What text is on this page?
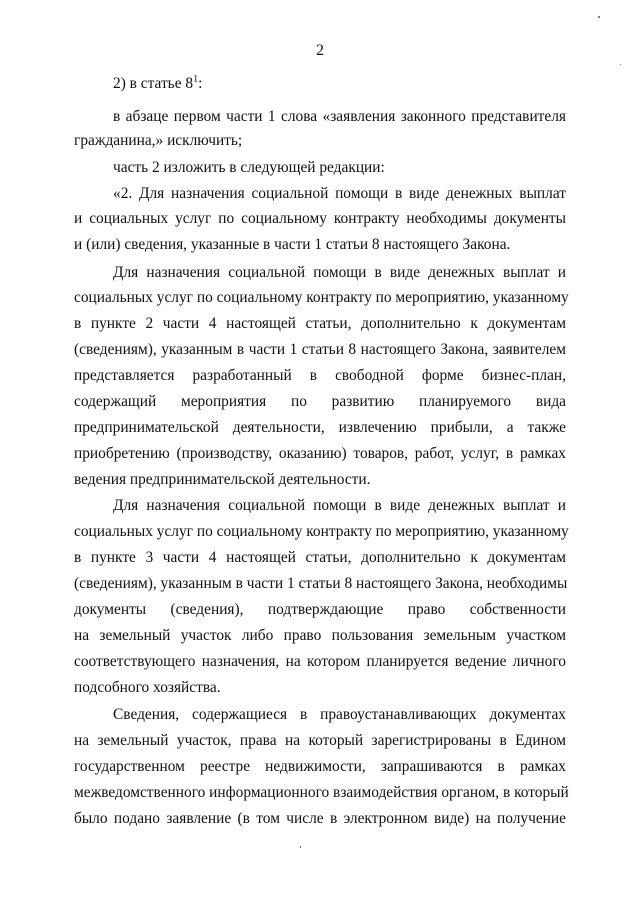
2
2) в статье $8^1$:
в абзаце первом части 1 слова «заявления законного представителя
гражданина,» исключить;
часть 2 изложить в следующей редакции:
«2. Для назначения социальной помощи в виде денежных выплат
и социальных услуг по социальному контракту необходимы документы
и (или) сведения, указанные в части 1 статьи 8 настоящего Закона.
Для назначения социальной помощи в виде денежных выплат и
социальных услуг по социальному контракту по мероприятию, указанному
в пункте 2 части 4 настоящей статьи, дополнительно к документам
(сведениям), указанным в части 1 статьи 8 настоящего Закона, заявителем
представляется разработанный в свободной форме бизнес-план,
содержащий мероприятия по развитию планируемого вида
предпринимательской деятельности, извлечению прибыли, а также
приобретению (производству, оказанию) товаров, работ, услуг, в рамках
ведения предпринимательской деятельности.
Для назначения социальной помощи в виде денежных выплат и
социальных услуг по социальному контракту по мероприятию, указанному
в пункте 3 части 4 настоящей статьи, дополнительно к документам
(сведениям), указанным в части 1 статьи 8 настоящего Закона, необходимы
документы (сведения), подтверждающие право собственности
на земельный участок либо право пользования земельным участком
соответствующего назначения, на котором планируется ведение личного
подсобного хозяйства.
Сведения, содержащиеся в правоустанавливающих документах
на земельный участок, права на который зарегистрированы в Едином
государственном реестре недвижимости, запрашиваются в рамках
межведомственного информационного взаимодействия органом, в который
было подано заявление (в том числе в электронном виде) на получение
